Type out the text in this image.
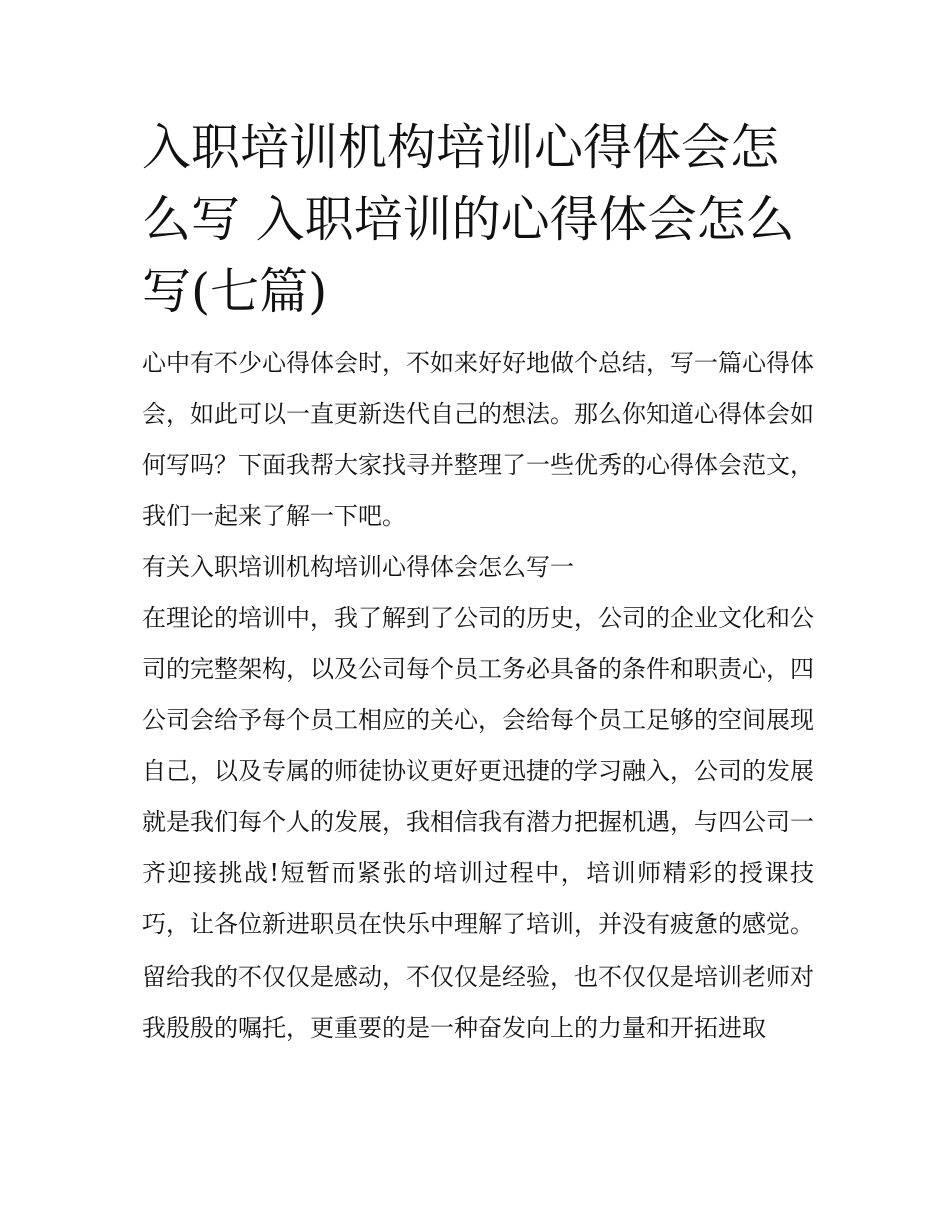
入职培训机构培训心得体会怎么写 入职培训的心得体会怎么写(七篇)

心中有不少心得体会时，不如来好好地做个总结，写一篇心得体会，如此可以一直更新迭代自己的想法。那么你知道心得体会如何写吗？下面我帮大家找寻并整理了一些优秀的心得体会范文，我们一起来了解一下吧。

有关入职培训机构培训心得体会怎么写一

在理论的培训中，我了解到了公司的历史，公司的企业文化和公司的完整架构，以及公司每个员工务必具备的条件和职责心，四公司会给予每个员工相应的关心，会给每个员工足够的空间展现自己，以及专属的师徒协议更好更迅捷的学习融入，公司的发展就是我们每个人的发展，我相信我有潜力把握机遇，与四公司一齐迎接挑战!短暂而紧张的培训过程中，培训师精彩的授课技巧，让各位新进职员在快乐中理解了培训，并没有疲惫的感觉。

留给我的不仅仅是感动，不仅仅是经验，也不仅仅是培训老师对我殷殷的嘱托，更重要的是一种奋发向上的力量和开拓进取
